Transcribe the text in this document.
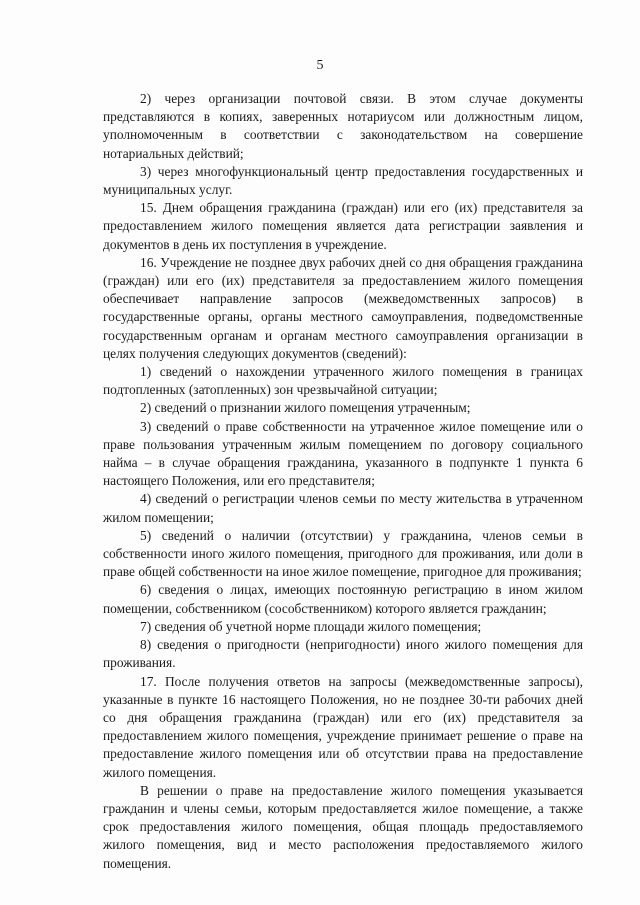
5

2) через организации почтовой связи. В этом случае документы представляются в копиях, заверенных нотариусом или должностным лицом, уполномоченным в соответствии с законодательством на совершение нотариальных действий;

3) через многофункциональный центр предоставления государственных и муниципальных услуг.

15. Днем обращения гражданина (граждан) или его (их) представителя за предоставлением жилого помещения является дата регистрации заявления и документов в день их поступления в учреждение.

16. Учреждение не позднее двух рабочих дней со дня обращения гражданина (граждан) или его (их) представителя за предоставлением жилого помещения обеспечивает направление запросов (межведомственных запросов) в государственные органы, органы местного самоуправления, подведомственные государственным органам и органам местного самоуправления организации в целях получения следующих документов (сведений):

1) сведений о нахождении утраченного жилого помещения в границах подтопленных (затопленных) зон чрезвычайной ситуации;

2) сведений о признании жилого помещения утраченным;

3) сведений о праве собственности на утраченное жилое помещение или о праве пользования утраченным жилым помещением по договору социального найма – в случае обращения гражданина, указанного в подпункте 1 пункта 6 настоящего Положения, или его представителя;

4) сведений о регистрации членов семьи по месту жительства в утраченном жилом помещении;

5) сведений о наличии (отсутствии) у гражданина, членов семьи в собственности иного жилого помещения, пригодного для проживания, или доли в праве общей собственности на иное жилое помещение, пригодное для проживания;

6) сведения о лицах, имеющих постоянную регистрацию в ином жилом помещении, собственником (сособственником) которого является гражданин;

7) сведения об учетной норме площади жилого помещения;

8) сведения о пригодности (непригодности) иного жилого помещения для проживания.

17. После получения ответов на запросы (межведомственные запросы), указанные в пункте 16 настоящего Положения, но не позднее 30-ти рабочих дней со дня обращения гражданина (граждан) или его (их) представителя за предоставлением жилого помещения, учреждение принимает решение о праве на предоставление жилого помещения или об отсутствии права на предоставление жилого помещения.

В решении о праве на предоставление жилого помещения указывается гражданин и члены семьи, которым предоставляется жилое помещение, а также срок предоставления жилого помещения, общая площадь предоставляемого жилого помещения, вид и место расположения предоставляемого жилого помещения.
